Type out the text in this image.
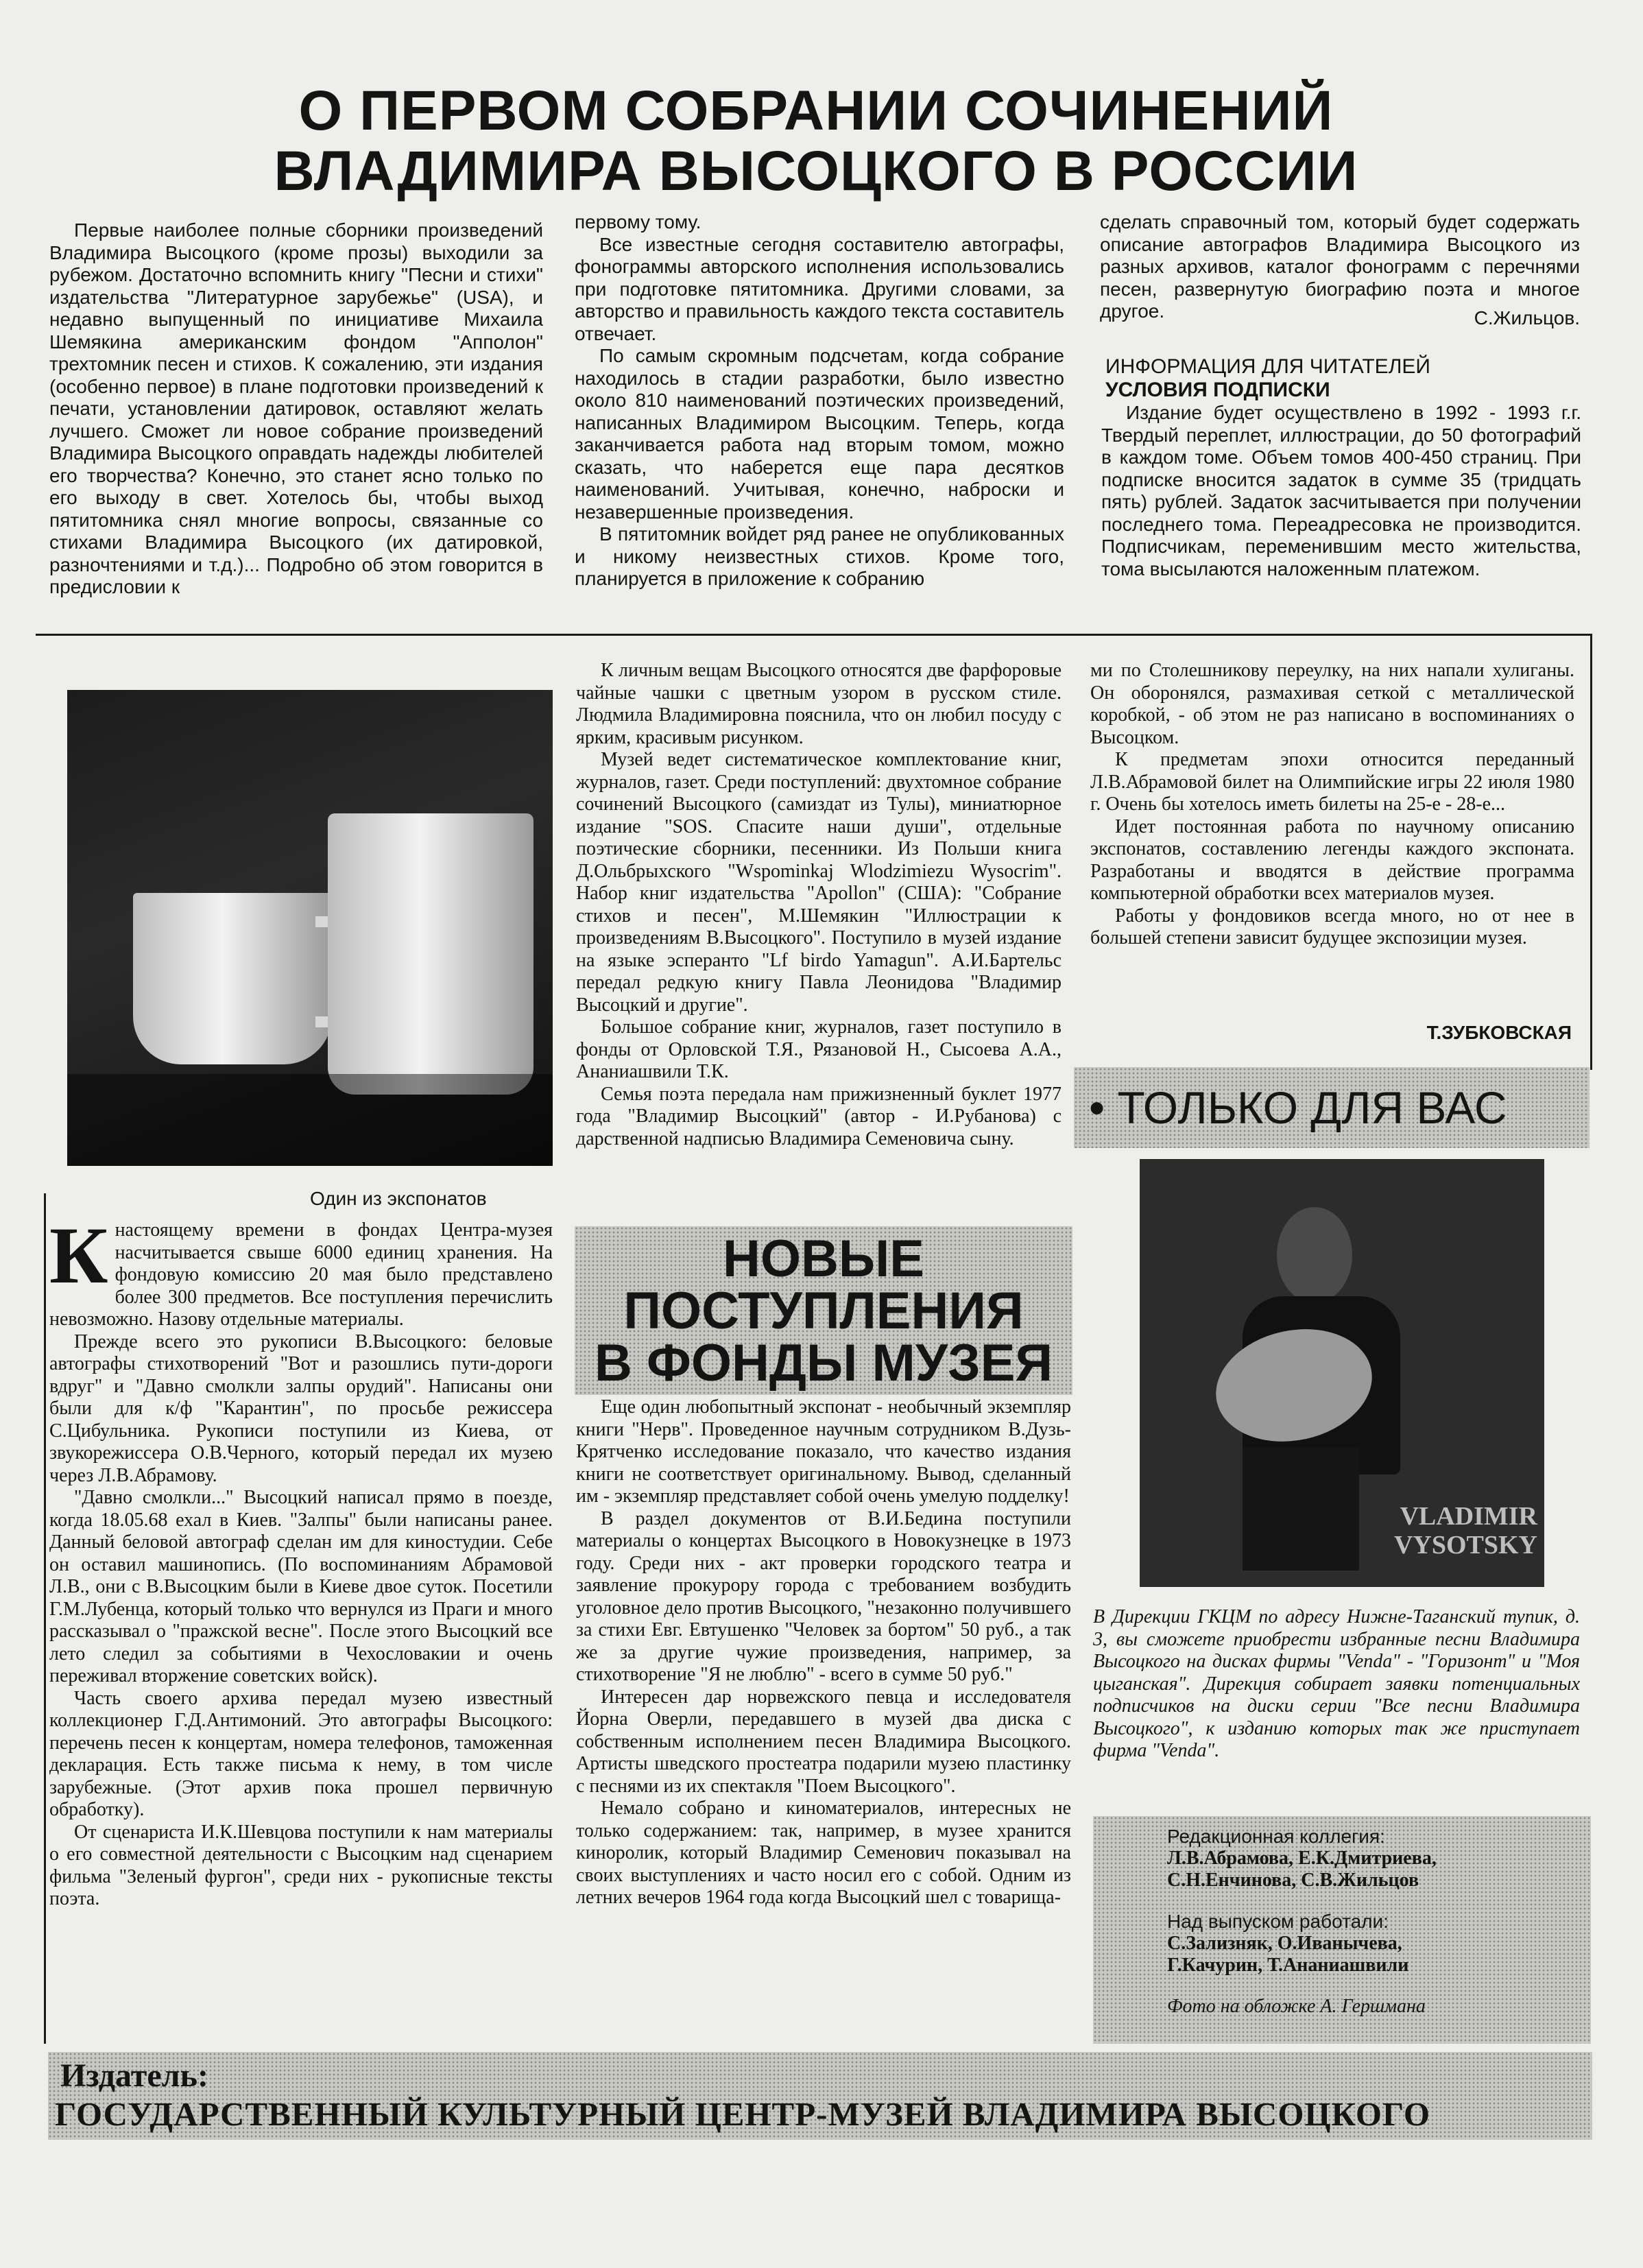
О ПЕРВОМ СОБРАНИИ СОЧИНЕНИЙ
ВЛАДИМИРА ВЫСОЦКОГО В РОССИИ

Первые наиболее полные сборники произведений Владимира Высоцкого (кроме прозы) выходили за рубежом. Достаточно вспомнить книгу "Песни и стихи" издательства "Литературное зарубежье" (USA), и недавно выпущенный по инициативе Михаила Шемякина американским фондом "Апполон" трехтомник песен и стихов. К сожалению, эти издания (особенно первое) в плане подготовки произведений к печати, установлении датировок, оставляют желать лучшего. Сможет ли новое собрание произведений Владимира Высоцкого оправдать надежды любителей его творчества? Конечно, это станет ясно только по его выходу в свет. Хотелось бы, чтобы выход пятитомника снял многие вопросы, связанные со стихами Владимира Высоцкого (их датировкой, разночтениями и т.д.)... Подробно об этом говорится в предисловии к

первому тому.

Все известные сегодня составителю автографы, фонограммы авторского исполнения использовались при подготовке пятитомника. Другими словами, за авторство и правильность каждого текста составитель отвечает.

По самым скромным подсчетам, когда собрание находилось в стадии разработки, было известно около 810 наименований поэтических произведений, написанных Владимиром Высоцким. Теперь, когда заканчивается работа над вторым томом, можно сказать, что наберется еще пара десятков наименований. Учитывая, конечно, наброски и незавершенные произведения.

В пятитомник войдет ряд ранее не опубликованных и никому неизвестных стихов. Кроме того, планируется в приложение к собранию

сделать справочный том, который будет содержать описание автографов Владимира Высоцкого из разных архивов, каталог фонограмм с перечнями песен, развернутую биографию поэта и многое другое.	С.Жильцов.
ИНФОРМАЦИЯ ДЛЯ ЧИТАТЕЛЕЙ
УСЛОВИЯ ПОДПИСКИ

Издание будет осуществлено в 1992 - 1993 г.г. Твердый переплет, иллюстрации, до 50 фотографий в каждом томе. Объем томов 400-450 страниц. При подписке вносится задаток в сумме 35 (тридцать пять) рублей. Задаток засчитывается при получении последнего тома. Переадресовка не производится. Подписчикам, переменившим место жительства, тома высылаются наложенным платежом.

Один из экспонатов

Кнастоящему времени в фондах Центра-музея насчитывается свыше 6000 единиц хранения. На фондовую комиссию 20 мая было представлено более 300 предметов. Все поступления перечислить невозможно. Назову отдельные материалы.

Прежде всего это рукописи В.Высоцкого: беловые автографы стихотворений "Вот и разошлись пути-дороги вдруг" и "Давно смолкли залпы орудий". Написаны они были для к/ф "Карантин", по просьбе режиссера С.Цибульника. Рукописи поступили из Киева, от звукорежиссера О.В.Черного, который передал их музею через Л.В.Абрамову.

"Давно смолкли..." Высоцкий написал прямо в поезде, когда 18.05.68 ехал в Киев. "Залпы" были написаны ранее. Данный беловой автограф сделан им для киностудии. Себе он оставил машинопись. (По воспоминаниям Абрамовой Л.В., они с В.Высоцким были в Киеве двое суток. Посетили Г.М.Лубенца, который только что вернулся из Праги и много рассказывал о "пражской весне". После этого Высоцкий все лето следил за событиями в Чехословакии и очень переживал вторжение советских войск).

Часть своего архива передал музею известный коллекционер Г.Д.Антимоний. Это автографы Высоцкого: перечень песен к концертам, номера телефонов, таможенная декларация. Есть также письма к нему, в том числе зарубежные. (Этот архив пока прошел первичную обработку).

От сценариста И.К.Шевцова поступили к нам материалы о его совместной деятельности с Высоцким над сценарием фильма "Зеленый фургон", среди них - рукописные тексты поэта.

К личным вещам Высоцкого относятся две фарфоровые чайные чашки с цветным узором в русском стиле. Людмила Владимировна пояснила, что он любил посуду с ярким, красивым рисунком.

Музей ведет систематическое комплектование книг, журналов, газет. Среди поступлений: двухтомное собрание сочинений Высоцкого (самиздат из Тулы), миниатюрное издание "SOS. Спасите наши души", отдельные поэтические сборники, песенники. Из Польши книга Д.Ольбрыхского "Wspominkaj Wlodzimiezu Wysocrim". Набор книг издательства "Apollon" (США): "Собрание стихов и песен", М.Шемякин "Иллюстрации к произведениям В.Высоцкого". Поступило в музей издание на языке эсперанто "Lf birdo Yamagun". А.И.Бартельс передал редкую книгу Павла Леонидова "Владимир Высоцкий и другие".

Большое собрание книг, журналов, газет поступило в фонды от Орловской Т.Я., Рязановой Н., Сысоева А.А., Ананиашвили Т.К.

Семья поэта передала нам прижизненный буклет 1977 года "Владимир Высоцкий" (автор - И.Рубанова) с дарственной надписью Владимира Семеновича сыну.

НОВЫЕ
ПОСТУПЛЕНИЯ
В ФОНДЫ МУЗЕЯ

Еще один любопытный экспонат - необычный экземпляр книги "Нерв". Проведенное научным сотрудником В.Дузь-Крятченко исследование показало, что качество издания книги не соответствует оригинальному. Вывод, сделанный им - экземпляр представляет собой очень умелую подделку!

В раздел документов от В.И.Бедина поступили материалы о концертах Высоцкого в Новокузнецке в 1973 году. Среди них - акт проверки городского театра и заявление прокурору города с требованием возбудить уголовное дело против Высоцкого, "незаконно получившего за стихи Евг. Евтушенко "Человек за бортом" 50 руб., а так же за другие чужие произведения, например, за стихотворение "Я не люблю" - всего в сумме 50 руб."

Интересен дар норвежского певца и исследователя Йорна Оверли, передавшего в музей два диска с собственным исполнением песен Владимира Высоцкого. Артисты шведского простеатра подарили музею пластинку с песнями из их спектакля "Поем Высоцкого".

Немало собрано и киноматериалов, интересных не только содержанием: так, например, в музее хранится киноролик, который Владимир Семенович показывал на своих выступлениях и часто носил его с собой. Одним из летних вечеров 1964 года когда Высоцкий шел с товарища-

ми по Столешникову переулку, на них напали хулиганы. Он оборонялся, размахивая сеткой с металлической коробкой, - об этом не раз написано в воспоминаниях о Высоцком.

К предметам эпохи относится переданный Л.В.Абрамовой билет на Олимпийские игры 22 июля 1980 г. Очень бы хотелось иметь билеты на 25-е - 28-е...

Идет постоянная работа по научному описанию экспонатов, составлению легенды каждого экспоната. Разработаны и вводятся в действие программа компьютерной обработки всех материалов музея.

Работы у фондовиков всегда много, но от нее в большей степени зависит будущее экспозиции музея.

Т.ЗУБКОВСКАЯ
• ТОЛЬКО ДЛЯ ВАС
VLADIMIR
VYSOTSKY

В Дирекции ГКЦМ по адресу Нижне-Таганский тупик, д. 3, вы сможете приобрести избранные песни Владимира Высоцкого на дисках фирмы "Venda" - "Горизонт" и "Моя цыганская". Дирекция собирает заявки потенциальных подписчиков на диски серии "Все песни Владимира Высоцкого", к изданию которых так же приступает фирма "Venda".

Редакционная коллегия:

Л.В.Абрамова, Е.К.Дмитриева,

С.Н.Енчинова, С.В.Жильцов

Над выпуском работали:

С.Зализняк, О.Иванычева,

Г.Качурин, Т.Ананиашвили

Фото на обложке А. Гершмана

Издатель:
ГОСУДАРСТВЕННЫЙ КУЛЬТУРНЫЙ ЦЕНТР-МУЗЕЙ ВЛАДИМИРА ВЫСОЦКОГО
